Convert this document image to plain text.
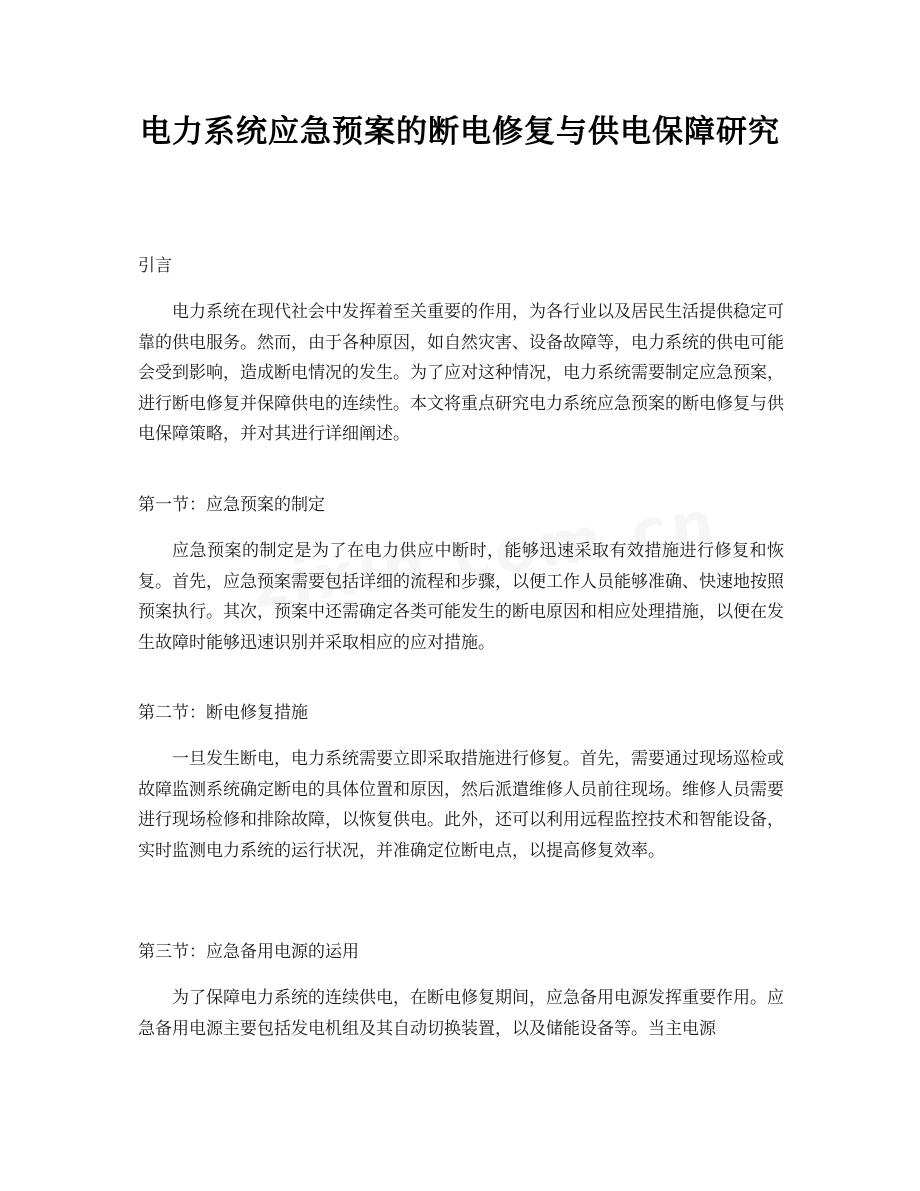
电力系统应急预案的断电修复与供电保障研究
引言
电力系统在现代社会中发挥着至关重要的作用，为各行业以及居民生活提供稳定可靠的供电服务。然而，由于各种原因，如自然灾害、设备故障等，电力系统的供电可能会受到影响，造成断电情况的发生。为了应对这种情况，电力系统需要制定应急预案，进行断电修复并保障供电的连续性。本文将重点研究电力系统应急预案的断电修复与供电保障策略，并对其进行详细阐述。
第一节：应急预案的制定
应急预案的制定是为了在电力供应中断时，能够迅速采取有效措施进行修复和恢复。首先，应急预案需要包括详细的流程和步骤，以便工作人员能够准确、快速地按照预案执行。其次，预案中还需确定各类可能发生的断电原因和相应处理措施，以便在发生故障时能够迅速识别并采取相应的应对措施。
第二节：断电修复措施
一旦发生断电，电力系统需要立即采取措施进行修复。首先，需要通过现场巡检或故障监测系统确定断电的具体位置和原因，然后派遣维修人员前往现场。维修人员需要进行现场检修和排除故障，以恢复供电。此外，还可以利用远程监控技术和智能设备，实时监测电力系统的运行状况，并准确定位断电点，以提高修复效率。
第三节：应急备用电源的运用
为了保障电力系统的连续供电，在断电修复期间，应急备用电源发挥重要作用。应急备用电源主要包括发电机组及其自动切换装置，以及储能设备等。当主电源
